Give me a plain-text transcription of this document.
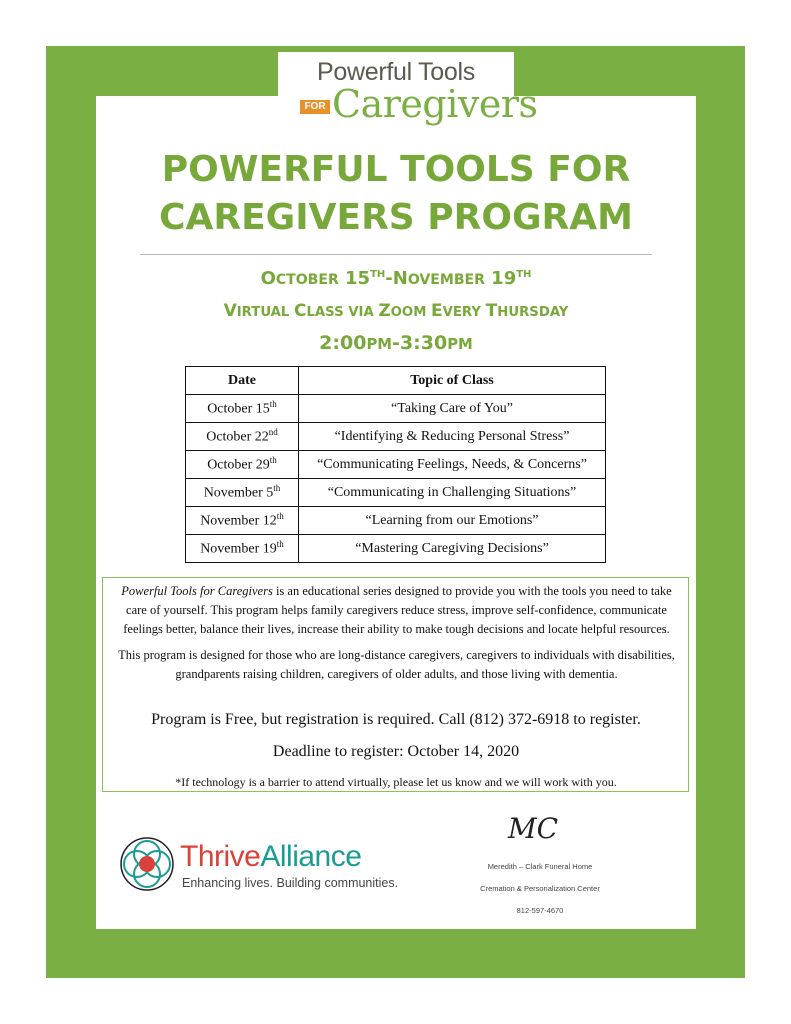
Powerful Tools
FOR Caregivers
POWERFUL TOOLS FOR
CAREGIVERS PROGRAM
OCTOBER 15TH-NOVEMBER 19TH
VIRTUAL CLASS VIA ZOOM EVERY THURSDAY
2:00PM-3:30PM
Date	Topic of Class
October 15th	“Taking Care of You”
October 22nd	“Identifying & Reducing Personal Stress”
October 29th	“Communicating Feelings, Needs, & Concerns”
November 5th	“Communicating in Challenging Situations”
November 12th	“Learning from our Emotions”
November 19th	“Mastering Caregiving Decisions”
Powerful Tools for Caregivers is an educational series designed to provide you with the tools you need to take care of yourself. This program helps family caregivers reduce stress, improve self-confidence, communicate feelings better, balance their lives, increase their ability to make tough decisions and locate helpful resources.
This program is designed for those who are long-distance caregivers, caregivers to individuals with disabilities, grandparents raising children, caregivers of older adults, and those living with dementia.
Program is Free, but registration is required. Call (812) 372-6918 to register.
Deadline to register: October 14, 2020
*If technology is a barrier to attend virtually, please let us know and we will work with you.
ThriveAlliance
Enhancing lives. Building communities.
MC
Meredith – Clark Funeral Home
Cremation & Personalization Center
812-597-4670
